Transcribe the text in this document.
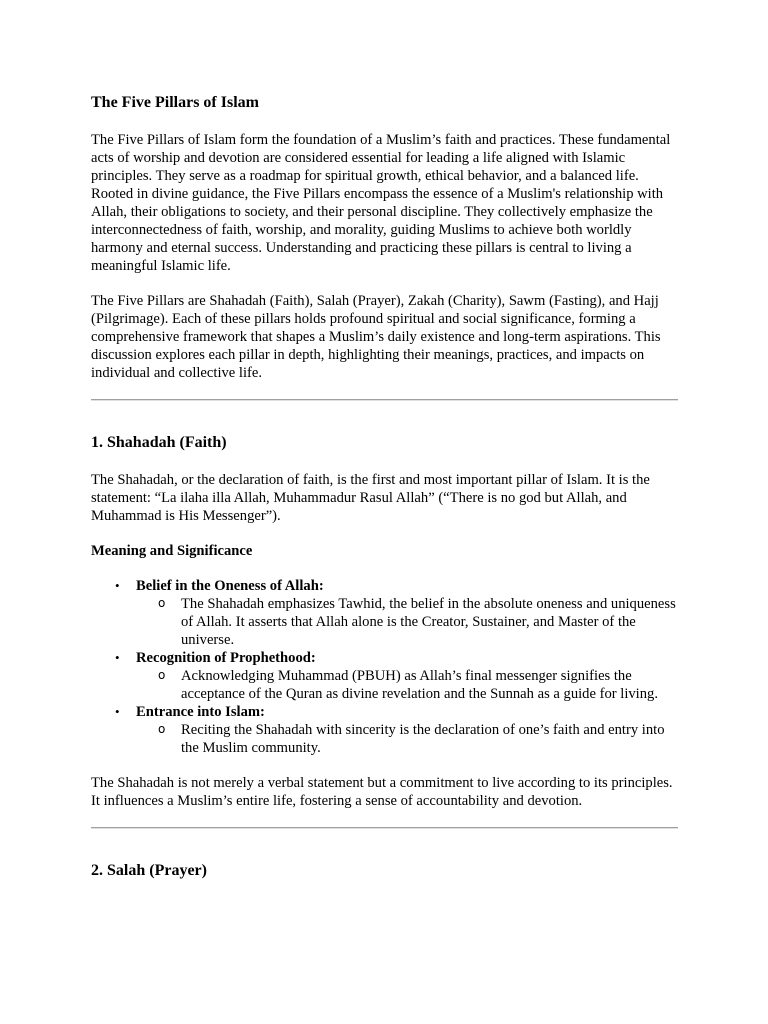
The Five Pillars of Islam

The Five Pillars of Islam form the foundation of a Muslim’s faith and practices. These fundamental acts of worship and devotion are considered essential for leading a life aligned with Islamic principles. They serve as a roadmap for spiritual growth, ethical behavior, and a balanced life. Rooted in divine guidance, the Five Pillars encompass the essence of a Muslim's relationship with Allah, their obligations to society, and their personal discipline. They collectively emphasize the interconnectedness of faith, worship, and morality, guiding Muslims to achieve both worldly harmony and eternal success. Understanding and practicing these pillars is central to living a meaningful Islamic life.

The Five Pillars are Shahadah (Faith), Salah (Prayer), Zakah (Charity), Sawm (Fasting), and Hajj (Pilgrimage). Each of these pillars holds profound spiritual and social significance, forming a comprehensive framework that shapes a Muslim’s daily existence and long-term aspirations. This discussion explores each pillar in depth, highlighting their meanings, practices, and impacts on individual and collective life.

1. Shahadah (Faith)

The Shahadah, or the declaration of faith, is the first and most important pillar of Islam. It is the statement: “La ilaha illa Allah, Muhammadur Rasul Allah” (“There is no god but Allah, and Muhammad is His Messenger”).

Meaning and Significance
• Belief in the Oneness of Allah:
o The Shahadah emphasizes Tawhid, the belief in the absolute oneness and uniqueness of Allah. It asserts that Allah alone is the Creator, Sustainer, and Master of the universe.
• Recognition of Prophethood:
o Acknowledging Muhammad (PBUH) as Allah’s final messenger signifies the acceptance of the Quran as divine revelation and the Sunnah as a guide for living.
• Entrance into Islam:
o Reciting the Shahadah with sincerity is the declaration of one’s faith and entry into the Muslim community.

The Shahadah is not merely a verbal statement but a commitment to live according to its principles. It influences a Muslim’s entire life, fostering a sense of accountability and devotion.

2. Salah (Prayer)
